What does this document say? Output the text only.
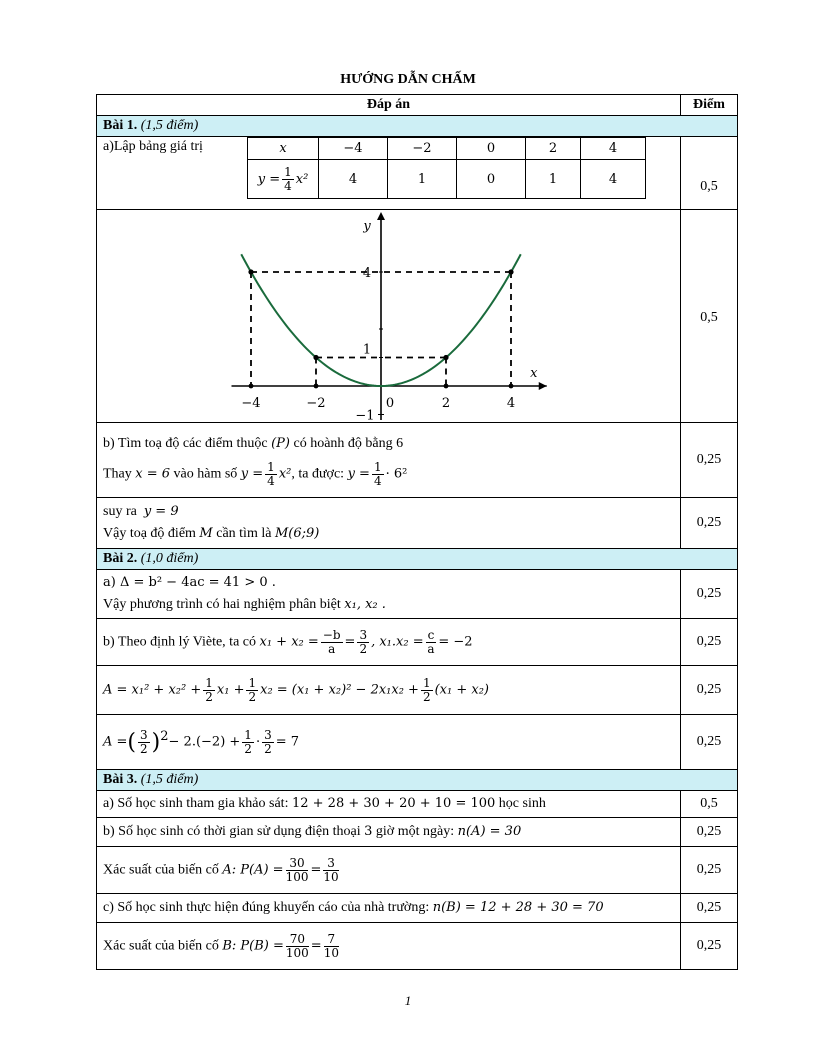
HƯỚNG DẪN CHẤM
Đáp án	Điểm
Bài 1. (1,5 điểm)
a)Lập bảng giá trị	x	−4	−2	0	2	4
$y = \frac{1}{4} x^2$	4	1	0	1	4
		0,5

−4	−2	0	2	4
4
1
−1
x
y
	0,5

b) Tìm toạ độ các điểm thuộc (P) có hoành độ bằng 6
Thay x = 6 vào hàm số $y = \frac{1}{4} x^2$, ta được: $y = \frac{1}{4} \cdot 6^2$
	0,25

suy ra y = 9
Vậy toạ độ điểm M cần tìm là M(6;9)
	0,25
Bài 2. (1,0 điểm)

a) Δ = b² − 4ac = 41 > 0 .
Vậy phương trình có hai nghiệm phân biệt x₁, x₂ .
	0,25
b) Theo định lý Viète, ta có $x_1 + x_2 = \frac{-b}{a} = \frac{3}{2}$ , $x_1.x_2 = \frac{c}{a} = -2$	0,25
$A = x_1^2 + x_2^2 + \frac{1}{2} x_1 + \frac{1}{2} x_2 = (x_1 + x_2)^2 - 2x_1x_2 + \frac{1}{2} (x_1 + x_2)$	0,25
A =( $\frac{3}{2} )^2- 2.(-2) + \frac{1}{2} \cdot \frac{3}{2} = 7$	0,25
Bài 3. (1,5 điểm)
a) Số học sinh tham gia khảo sát: 12 + 28 + 30 + 20 + 10 = 100 học sinh	0,5
b) Số học sinh có thời gian sử dụng điện thoại 3 giờ một ngày: n(A) = 30	0,25
Xác suất của biến cố A: $P(A) = \frac{30}{100} = \frac{3}{10}$	0,25
c) Số học sinh thực hiện đúng khuyến cáo của nhà trường: n(B) = 12 + 28 + 30 = 70	0,25
Xác suất của biến cố B: $P(B) = \frac{70}{100} = \frac{7}{10}$	0,25
1
